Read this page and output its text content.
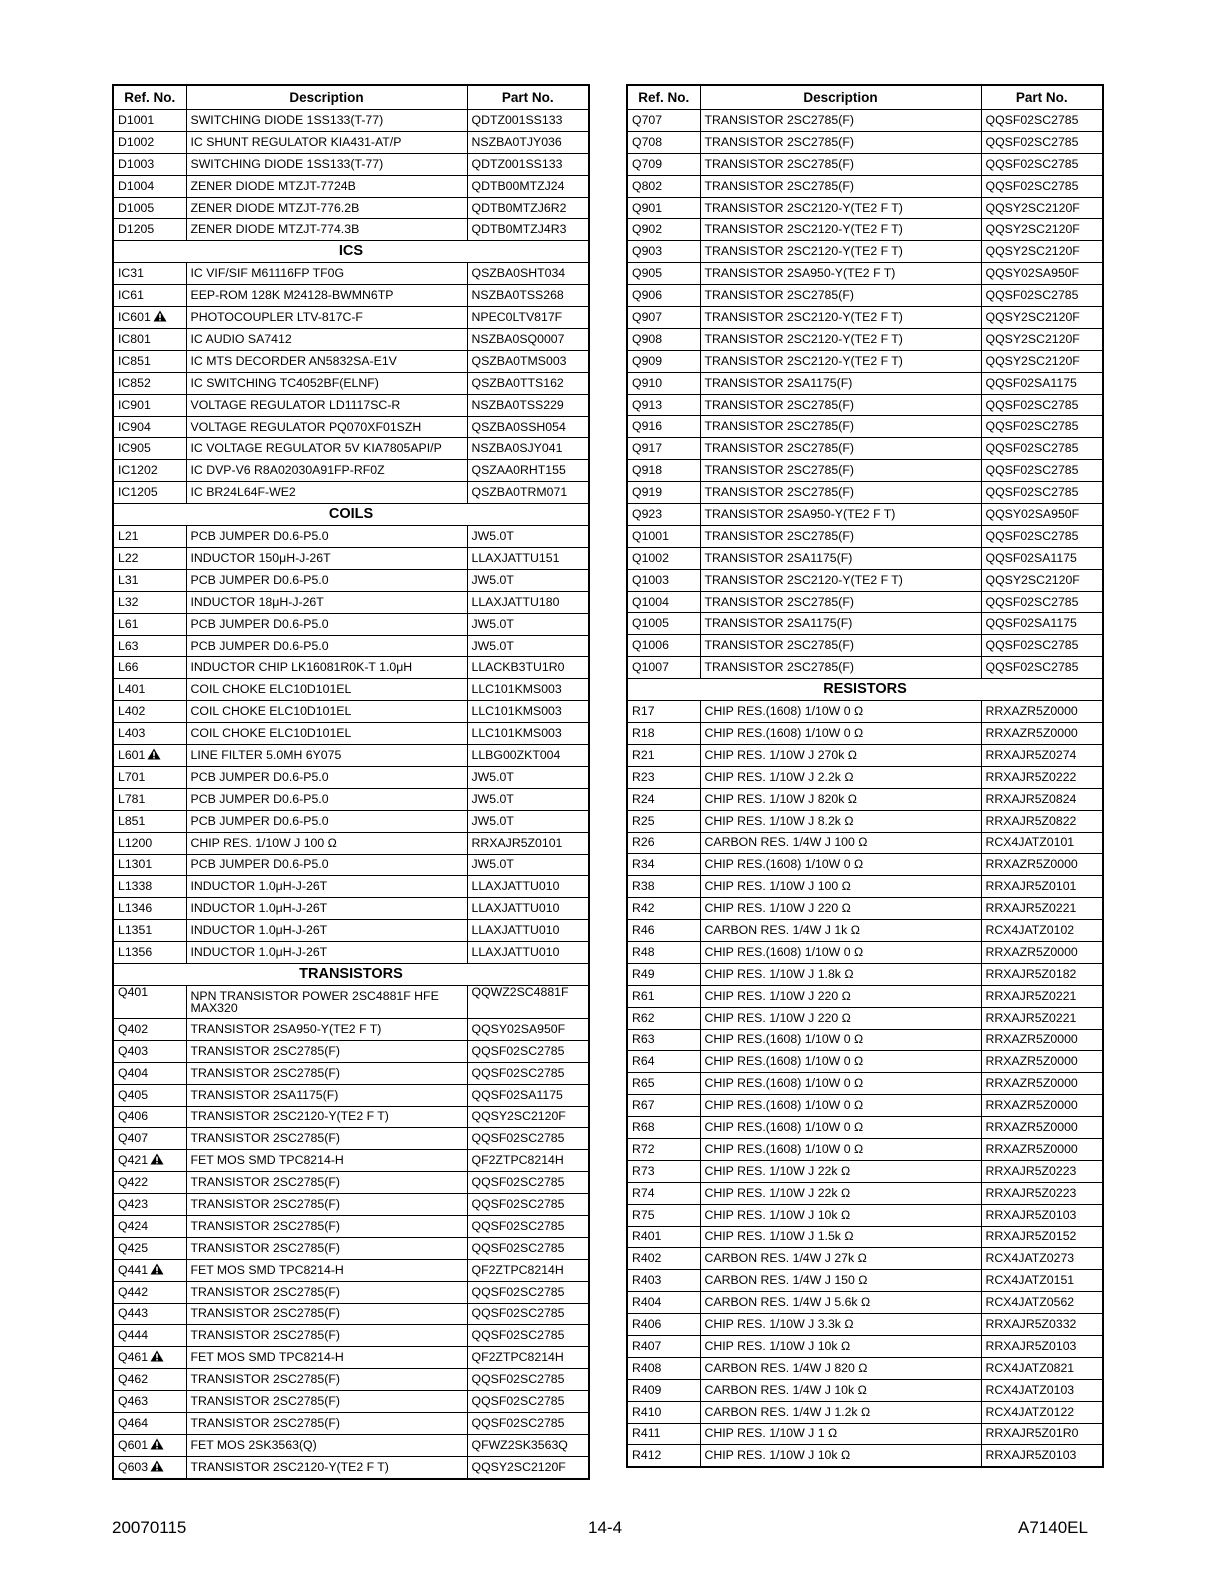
Ref. No.	Description	Part No.
D1001	SWITCHING DIODE 1SS133(T-77)	QDTZ001SS133
D1002	IC SHUNT REGULATOR KIA431-AT/P	NSZBA0TJY036
D1003	SWITCHING DIODE 1SS133(T-77)	QDTZ001SS133
D1004	ZENER DIODE MTZJT-7724B	QDTB00MTZJ24
D1005	ZENER DIODE MTZJT-776.2B	QDTB0MTZJ6R2
D1205	ZENER DIODE MTZJT-774.3B	QDTB0MTZJ4R3
ICS		
IC31	IC VIF/SIF M61116FP TF0G	QSZBA0SHT034
IC61	EEP-ROM 128K M24128-BWMN6TP	NSZBA0TSS268
IC601	PHOTOCOUPLER LTV-817C-F	NPEC0LTV817F
IC801	IC AUDIO SA7412	NSZBA0SQ0007
IC851	IC MTS DECORDER AN5832SA-E1V	QSZBA0TMS003
IC852	IC SWITCHING TC4052BF(ELNF)	QSZBA0TTS162
IC901	VOLTAGE REGULATOR LD1117SC-R	NSZBA0TSS229
IC904	VOLTAGE REGULATOR PQ070XF01SZH	QSZBA0SSH054
IC905	IC VOLTAGE REGULATOR 5V KIA7805API/P	NSZBA0SJY041
IC1202	IC DVP-V6 R8A02030A91FP-RF0Z	QSZAA0RHT155
IC1205	IC BR24L64F-WE2	QSZBA0TRM071
COILS		
L21	PCB JUMPER D0.6-P5.0	JW5.0T
L22	INDUCTOR 150μH-J-26T	LLAXJATTU151
L31	PCB JUMPER D0.6-P5.0	JW5.0T
L32	INDUCTOR 18μH-J-26T	LLAXJATTU180
L61	PCB JUMPER D0.6-P5.0	JW5.0T
L63	PCB JUMPER D0.6-P5.0	JW5.0T
L66	INDUCTOR CHIP LK16081R0K-T 1.0μH	LLACKB3TU1R0
L401	COIL CHOKE ELC10D101EL	LLC101KMS003
L402	COIL CHOKE ELC10D101EL	LLC101KMS003
L403	COIL CHOKE ELC10D101EL	LLC101KMS003
L601	LINE FILTER 5.0MH 6Y075	LLBG00ZKT004
L701	PCB JUMPER D0.6-P5.0	JW5.0T
L781	PCB JUMPER D0.6-P5.0	JW5.0T
L851	PCB JUMPER D0.6-P5.0	JW5.0T
L1200	CHIP RES. 1/10W J 100 Ω	RRXAJR5Z0101
L1301	PCB JUMPER D0.6-P5.0	JW5.0T
L1338	INDUCTOR 1.0μH-J-26T	LLAXJATTU010
L1346	INDUCTOR 1.0μH-J-26T	LLAXJATTU010
L1351	INDUCTOR 1.0μH-J-26T	LLAXJATTU010
L1356	INDUCTOR 1.0μH-J-26T	LLAXJATTU010
TRANSISTORS		
Q401	NPN TRANSISTOR POWER 2SC4881F HFE MAX320	QQWZ2SC4881F
Q402	TRANSISTOR 2SA950-Y(TE2 F T)	QQSY02SA950F
Q403	TRANSISTOR 2SC2785(F)	QQSF02SC2785
Q404	TRANSISTOR 2SC2785(F)	QQSF02SC2785
Q405	TRANSISTOR 2SA1175(F)	QQSF02SA1175
Q406	TRANSISTOR 2SC2120-Y(TE2 F T)	QQSY2SC2120F
Q407	TRANSISTOR 2SC2785(F)	QQSF02SC2785
Q421	FET MOS SMD TPC8214-H	QF2ZTPC8214H
Q422	TRANSISTOR 2SC2785(F)	QQSF02SC2785
Q423	TRANSISTOR 2SC2785(F)	QQSF02SC2785
Q424	TRANSISTOR 2SC2785(F)	QQSF02SC2785
Q425	TRANSISTOR 2SC2785(F)	QQSF02SC2785
Q441	FET MOS SMD TPC8214-H	QF2ZTPC8214H
Q442	TRANSISTOR 2SC2785(F)	QQSF02SC2785
Q443	TRANSISTOR 2SC2785(F)	QQSF02SC2785
Q444	TRANSISTOR 2SC2785(F)	QQSF02SC2785
Q461	FET MOS SMD TPC8214-H	QF2ZTPC8214H
Q462	TRANSISTOR 2SC2785(F)	QQSF02SC2785
Q463	TRANSISTOR 2SC2785(F)	QQSF02SC2785
Q464	TRANSISTOR 2SC2785(F)	QQSF02SC2785
Q601	FET MOS 2SK3563(Q)	QFWZ2SK3563Q
Q603	TRANSISTOR 2SC2120-Y(TE2 F T)	QQSY2SC2120F
Ref. No.	Description	Part No.
Q707	TRANSISTOR 2SC2785(F)	QQSF02SC2785
Q708	TRANSISTOR 2SC2785(F)	QQSF02SC2785
Q709	TRANSISTOR 2SC2785(F)	QQSF02SC2785
Q802	TRANSISTOR 2SC2785(F)	QQSF02SC2785
Q901	TRANSISTOR 2SC2120-Y(TE2 F T)	QQSY2SC2120F
Q902	TRANSISTOR 2SC2120-Y(TE2 F T)	QQSY2SC2120F
Q903	TRANSISTOR 2SC2120-Y(TE2 F T)	QQSY2SC2120F
Q905	TRANSISTOR 2SA950-Y(TE2 F T)	QQSY02SA950F
Q906	TRANSISTOR 2SC2785(F)	QQSF02SC2785
Q907	TRANSISTOR 2SC2120-Y(TE2 F T)	QQSY2SC2120F
Q908	TRANSISTOR 2SC2120-Y(TE2 F T)	QQSY2SC2120F
Q909	TRANSISTOR 2SC2120-Y(TE2 F T)	QQSY2SC2120F
Q910	TRANSISTOR 2SA1175(F)	QQSF02SA1175
Q913	TRANSISTOR 2SC2785(F)	QQSF02SC2785
Q916	TRANSISTOR 2SC2785(F)	QQSF02SC2785
Q917	TRANSISTOR 2SC2785(F)	QQSF02SC2785
Q918	TRANSISTOR 2SC2785(F)	QQSF02SC2785
Q919	TRANSISTOR 2SC2785(F)	QQSF02SC2785
Q923	TRANSISTOR 2SA950-Y(TE2 F T)	QQSY02SA950F
Q1001	TRANSISTOR 2SC2785(F)	QQSF02SC2785
Q1002	TRANSISTOR 2SA1175(F)	QQSF02SA1175
Q1003	TRANSISTOR 2SC2120-Y(TE2 F T)	QQSY2SC2120F
Q1004	TRANSISTOR 2SC2785(F)	QQSF02SC2785
Q1005	TRANSISTOR 2SA1175(F)	QQSF02SA1175
Q1006	TRANSISTOR 2SC2785(F)	QQSF02SC2785
Q1007	TRANSISTOR 2SC2785(F)	QQSF02SC2785
RESISTORS		
R17	CHIP RES.(1608) 1/10W 0 Ω	RRXAZR5Z0000
R18	CHIP RES.(1608) 1/10W 0 Ω	RRXAZR5Z0000
R21	CHIP RES. 1/10W J 270k Ω	RRXAJR5Z0274
R23	CHIP RES. 1/10W J 2.2k Ω	RRXAJR5Z0222
R24	CHIP RES. 1/10W J 820k Ω	RRXAJR5Z0824
R25	CHIP RES. 1/10W J 8.2k Ω	RRXAJR5Z0822
R26	CARBON RES. 1/4W J 100 Ω	RCX4JATZ0101
R34	CHIP RES.(1608) 1/10W 0 Ω	RRXAZR5Z0000
R38	CHIP RES. 1/10W J 100 Ω	RRXAJR5Z0101
R42	CHIP RES. 1/10W J 220 Ω	RRXAJR5Z0221
R46	CARBON RES. 1/4W J 1k Ω	RCX4JATZ0102
R48	CHIP RES.(1608) 1/10W 0 Ω	RRXAZR5Z0000
R49	CHIP RES. 1/10W J 1.8k Ω	RRXAJR5Z0182
R61	CHIP RES. 1/10W J 220 Ω	RRXAJR5Z0221
R62	CHIP RES. 1/10W J 220 Ω	RRXAJR5Z0221
R63	CHIP RES.(1608) 1/10W 0 Ω	RRXAZR5Z0000
R64	CHIP RES.(1608) 1/10W 0 Ω	RRXAZR5Z0000
R65	CHIP RES.(1608) 1/10W 0 Ω	RRXAZR5Z0000
R67	CHIP RES.(1608) 1/10W 0 Ω	RRXAZR5Z0000
R68	CHIP RES.(1608) 1/10W 0 Ω	RRXAZR5Z0000
R72	CHIP RES.(1608) 1/10W 0 Ω	RRXAZR5Z0000
R73	CHIP RES. 1/10W J 22k Ω	RRXAJR5Z0223
R74	CHIP RES. 1/10W J 22k Ω	RRXAJR5Z0223
R75	CHIP RES. 1/10W J 10k Ω	RRXAJR5Z0103
R401	CHIP RES. 1/10W J 1.5k Ω	RRXAJR5Z0152
R402	CARBON RES. 1/4W J 27k Ω	RCX4JATZ0273
R403	CARBON RES. 1/4W J 150 Ω	RCX4JATZ0151
R404	CARBON RES. 1/4W J 5.6k Ω	RCX4JATZ0562
R406	CHIP RES. 1/10W J 3.3k Ω	RRXAJR5Z0332
R407	CHIP RES. 1/10W J 10k Ω	RRXAJR5Z0103
R408	CARBON RES. 1/4W J 820 Ω	RCX4JATZ0821
R409	CARBON RES. 1/4W J 10k Ω	RCX4JATZ0103
R410	CARBON RES. 1/4W J 1.2k Ω	RCX4JATZ0122
R411	CHIP RES. 1/10W J 1 Ω	RRXAJR5Z01R0
R412	CHIP RES. 1/10W J 10k Ω	RRXAJR5Z0103
20070115	14-4	A7140EL
